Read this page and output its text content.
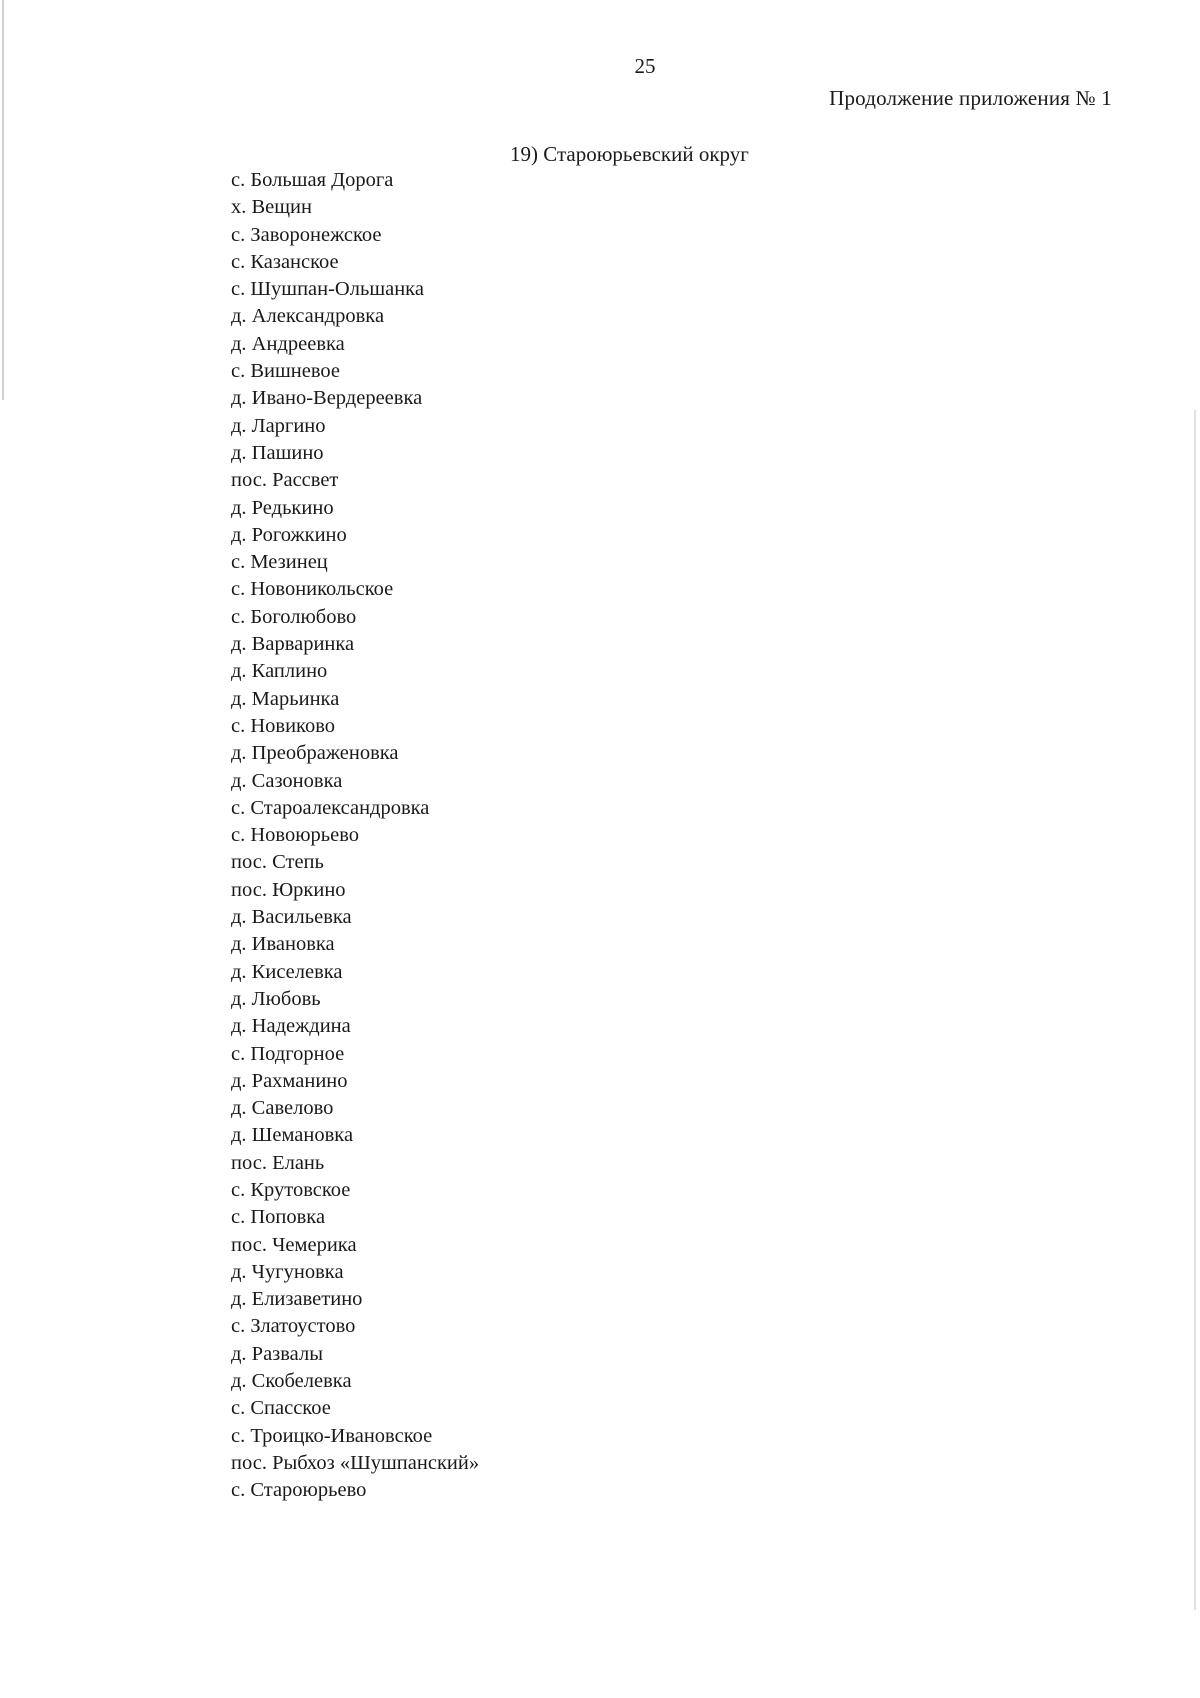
25
Продолжение приложения № 1
19) Староюрьевский округ
с. Большая Дорога
х. Вещин
с. Заворонежское
с. Казанское
с. Шушпан-Ольшанка
д. Александровка
д. Андреевка
с. Вишневое
д. Ивано-Вердереевка
д. Ларгино
д. Пашино
пос. Рассвет
д. Редькино
д. Рогожкино
с. Мезинец
с. Новоникольское
с. Боголюбово
д. Варваринка
д. Каплино
д. Марьинка
с. Новиково
д. Преображеновка
д. Сазоновка
с. Староалександровка
с. Новоюрьево
пос. Степь
пос. Юркино
д. Васильевка
д. Ивановка
д. Киселевка
д. Любовь
д. Надеждина
с. Подгорное
д. Рахманино
д. Савелово
д. Шемановка
пос. Елань
с. Крутовское
с. Поповка
пос. Чемерика
д. Чугуновка
д. Елизаветино
с. Златоустово
д. Развалы
д. Скобелевка
с. Спасское
с. Троицко-Ивановское
пос. Рыбхоз «Шушпанский»
с. Староюрьево
